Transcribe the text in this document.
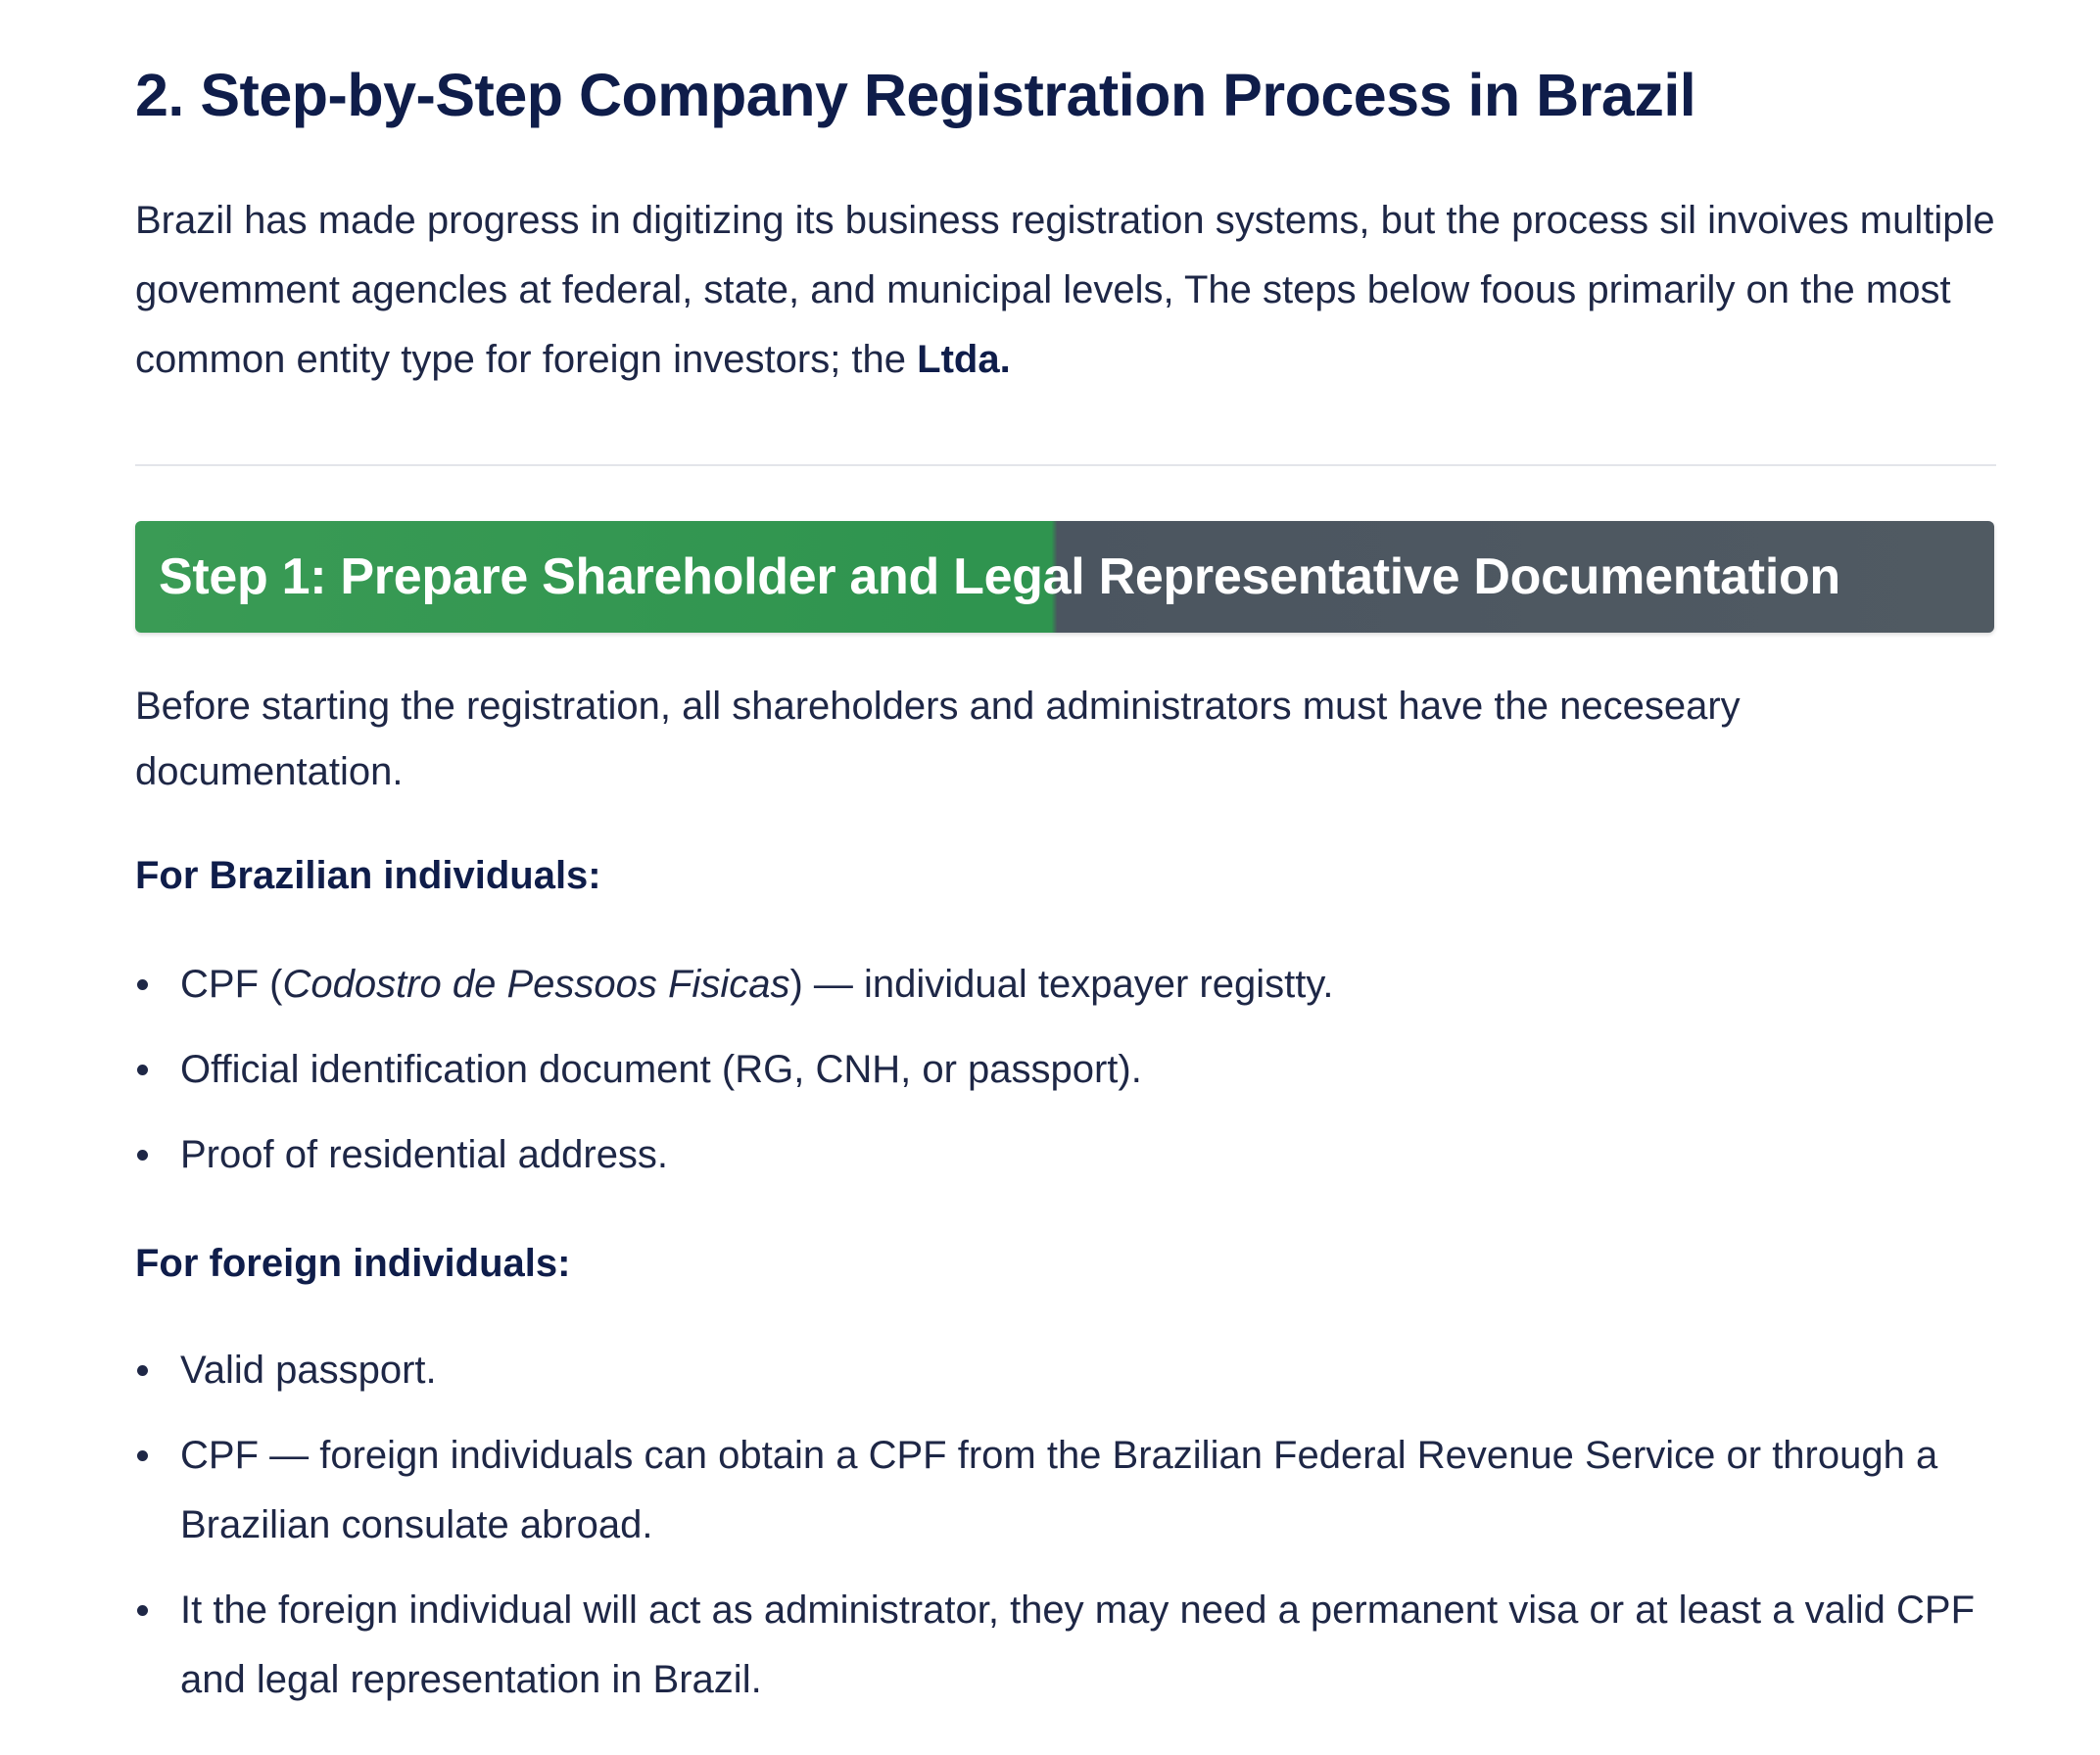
2. Step-by-Step Company Registration Process in Brazil

Brazil has made progress in digitizing its business registration systems, but the process sil invoives multiple govemment agencles at federal, state, and municipal levels, The steps below foous primarily on the most common entity type for foreign investors; the Ltda.

Step 1: Prepare Shareholder and Legal Representative Documentation

Before starting the registration, all shareholders and administrators must have the neceseary documentation.

For Brazilian individuals:
CPF (Codostro de Pessoos Fisicas) — individual texpayer registty.
Official identification document (RG, CNH, or passport).
Proof of residential address.
For foreign individuals:
Valid passport.
CPF — foreign individuals can obtain a CPF from the Brazilian Federal Revenue Service or through a Brazilian consulate abroad.
It the foreign individual will act as administrator, they may need a permanent visa or at least a valid CPF and legal representation in Brazil.
